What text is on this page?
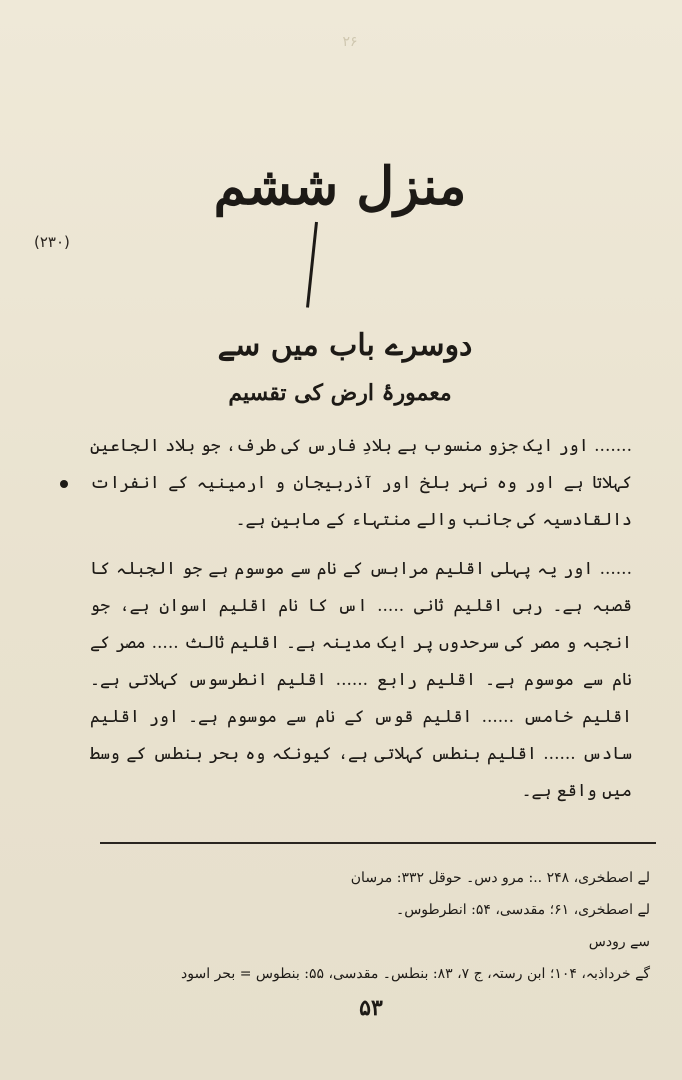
۲۶
(۲۳۰)
منزل ششم
دوسرے باب میں سے
معمورۂ ارض کی تقسیم

....... اور ایک جزو منسوب ہے بلادِ فارس کی طرف، جو بلاد الجاعین کہلاتا ہے اور وہ نہر بلخ اور آذربیجان و ارمینیہ کے انفرات دالقادسیہ کی جانب والے منتہاء کے مابین ہے۔

...... اور یہ پہلی اقلیم مرابس کے نام سے موسوم ہے جو الجبلہ کا قصبہ ہے۔ رہی اقلیم ثانی ..... اس کا نام اقلیم اسوان ہے، جو انجبہ و مصر کی سرحدوں پر ایک مدینہ ہے۔ اقلیم ثالث ..... مصر کے نام سے موسوم ہے۔ اقلیم رابع ...... اقلیم انطرسوس کہلاتی ہے۔ اقلیم خامس ...... اقلیم قوس کے نام سے موسوم ہے۔ اور اقلیم سادس ...... اقلیم بنطس کہلاتی ہے، کیونکہ وہ بحر بنطس کے وسط میں واقع ہے۔

لے اصطخری، ۲۴۸ ..: مرو دس۔ حوقل ۳۳۲: مرسان
لے اصطخری، ۶۱؛ مقدسی، ۵۴: انطرطوس۔
سے رودس
گے خرداذبہ، ۱۰۴؛ ابن رستہ، ج ۷، ۸۳: بنطس۔ مقدسی، ۵۵: بنطوس = بحر اسود
۵۳
